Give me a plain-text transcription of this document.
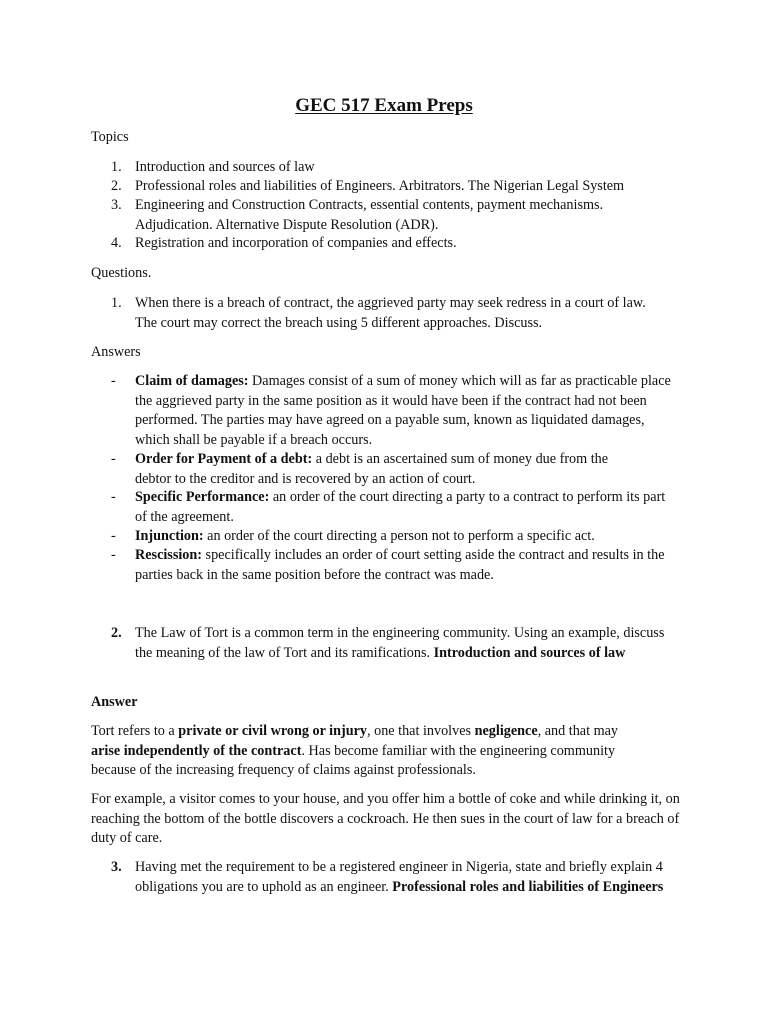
GEC 517 Exam Preps

Topics

1. Introduction and sources of law
2. Professional roles and liabilities of Engineers. Arbitrators. The Nigerian Legal System
3. Engineering and Construction Contracts, essential contents, payment mechanisms. Adjudication. Alternative Dispute Resolution (ADR).
4. Registration and incorporation of companies and effects.

Questions.

1. When there is a breach of contract, the aggrieved party may seek redress in a court of law. The court may correct the breach using 5 different approaches. Discuss.

Answers

- Claim of damages: Damages consist of a sum of money which will as far as practicable place the aggrieved party in the same position as it would have been if the contract had not been performed. The parties may have agreed on a payable sum, known as liquidated damages, which shall be payable if a breach occurs.
- Order for Payment of a debt: a debt is an ascertained sum of money due from the debtor to the creditor and is recovered by an action of court.
- Specific Performance: an order of the court directing a party to a contract to perform its part of the agreement.
- Injunction: an order of the court directing a person not to perform a specific act.
- Rescission: specifically includes an order of court setting aside the contract and results in the parties back in the same position before the contract was made.
2. The Law of Tort is a common term in the engineering community. Using an example, discuss the meaning of the law of Tort and its ramifications. Introduction and sources of law

Answer

Tort refers to a private or civil wrong or injury, one that involves negligence, and that may arise independently of the contract. Has become familiar with the engineering community because of the increasing frequency of claims against professionals.

For example, a visitor comes to your house, and you offer him a bottle of coke and while drinking it, on reaching the bottom of the bottle discovers a cockroach. He then sues in the court of law for a breach of duty of care.

3. Having met the requirement to be a registered engineer in Nigeria, state and briefly explain 4 obligations you are to uphold as an engineer. Professional roles and liabilities of Engineers
